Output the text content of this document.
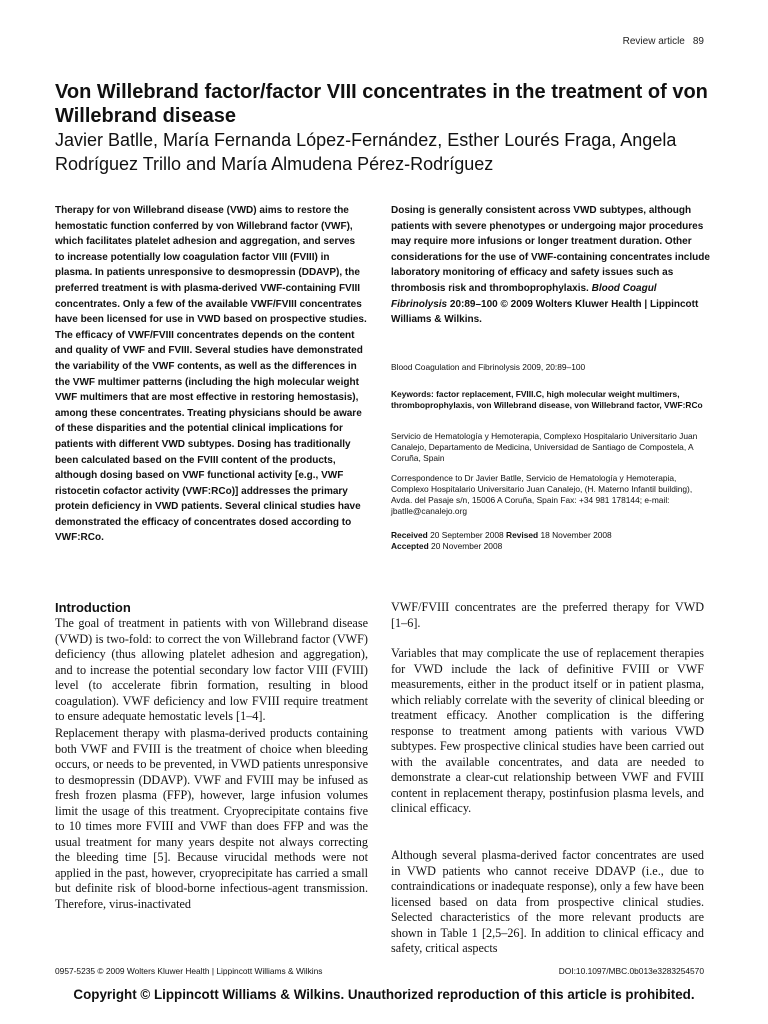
Review article 89
Von Willebrand factor/factor VIII concentrates in the treatment of von Willebrand disease

Javier Batlle, María Fernanda López-Fernández, Esther Lourés Fraga, Angela Rodríguez Trillo and María Almudena Pérez-Rodríguez

Therapy for von Willebrand disease (VWD) aims to restore the hemostatic function conferred by von Willebrand factor (VWF), which facilitates platelet adhesion and aggregation, and serves to increase potentially low coagulation factor VIII (FVIII) in plasma. In patients unresponsive to desmopressin (DDAVP), the preferred treatment is with plasma-derived VWF-containing FVIII concentrates. Only a few of the available VWF/FVIII concentrates have been licensed for use in VWD based on prospective studies. The efficacy of VWF/FVIII concentrates depends on the content and quality of VWF and FVIII. Several studies have demonstrated the variability of the VWF contents, as well as the differences in the VWF multimer patterns (including the high molecular weight VWF multimers that are most effective in restoring hemostasis), among these concentrates. Treating physicians should be aware of these disparities and the potential clinical implications for patients with different VWD subtypes. Dosing has traditionally been calculated based on the FVIII content of the products, although dosing based on VWF functional activity [e.g., VWF ristocetin cofactor activity (VWF:RCo)] addresses the primary protein deficiency in VWD patients. Several clinical studies have demonstrated the efficacy of concentrates dosed according to VWF:RCo.

Dosing is generally consistent across VWD subtypes, although patients with severe phenotypes or undergoing major procedures may require more infusions or longer treatment duration. Other considerations for the use of VWF-containing concentrates include laboratory monitoring of efficacy and safety issues such as thrombosis risk and thromboprophylaxis. Blood Coagul Fibrinolysis 20:89–100 © 2009 Wolters Kluwer Health | Lippincott Williams & Wilkins.

Blood Coagulation and Fibrinolysis 2009, 20:89–100

Keywords: factor replacement, FVIII.C, high molecular weight multimers, thromboprophylaxis, von Willebrand disease, von Willebrand factor, VWF:RCo

Servicio de Hematología y Hemoterapia, Complexo Hospitalario Universitario Juan Canalejo, Departamento de Medicina, Universidad de Santiago de Compostela, A Coruña, Spain

Correspondence to Dr Javier Batlle, Servicio de Hematología y Hemoterapia, Complexo Hospitalario Universitario Juan Canalejo, (H. Materno Infantil building), Avda. del Pasaje s/n, 15006 A Coruña, Spain Fax: +34 981 178144; e-mail: jbatlle@canalejo.org

Received 20 September 2008 Revised 18 November 2008
Accepted 20 November 2008
Introduction

The goal of treatment in patients with von Willebrand disease (VWD) is two-fold: to correct the von Willebrand factor (VWF) deficiency (thus allowing platelet adhesion and aggregation), and to increase the potential secondary low factor VIII (FVIII) level (to accelerate fibrin formation, resulting in blood coagulation). VWF deficiency and low FVIII require treatment to ensure adequate hemostatic levels [1–4].

Replacement therapy with plasma-derived products containing both VWF and FVIII is the treatment of choice when bleeding occurs, or needs to be prevented, in VWD patients unresponsive to desmopressin (DDAVP). VWF and FVIII may be infused as fresh frozen plasma (FFP), however, large infusion volumes limit the usage of this treatment. Cryoprecipitate contains five to 10 times more FVIII and VWF than does FFP and was the usual treatment for many years despite not always correcting the bleeding time [5]. Because virucidal methods were not applied in the past, however, cryoprecipitate has carried a small but definite risk of blood-borne infectious-agent transmission. Therefore, virus-inactivated

VWF/FVIII concentrates are the preferred therapy for VWD [1–6].

Variables that may complicate the use of replacement therapies for VWD include the lack of definitive FVIII or VWF measurements, either in the product itself or in patient plasma, which reliably correlate with the severity of clinical bleeding or treatment efficacy. Another complication is the differing response to treatment among patients with various VWD subtypes. Few prospective clinical studies have been carried out with the available concentrates, and data are needed to demonstrate a clear-cut relationship between VWF and FVIII content in replacement therapy, postinfusion plasma levels, and clinical efficacy.

Although several plasma-derived factor concentrates are used in VWD patients who cannot receive DDAVP (i.e., due to contraindications or inadequate response), only a few have been licensed based on data from prospective clinical studies. Selected characteristics of the more relevant products are shown in Table 1 [2,5–26]. In addition to clinical efficacy and safety, critical aspects

0957-5235 © 2009 Wolters Kluwer Health | Lippincott Williams & Wilkins	DOI:10.1097/MBC.0b013e3283254570
Copyright © Lippincott Williams & Wilkins. Unauthorized reproduction of this article is prohibited.
